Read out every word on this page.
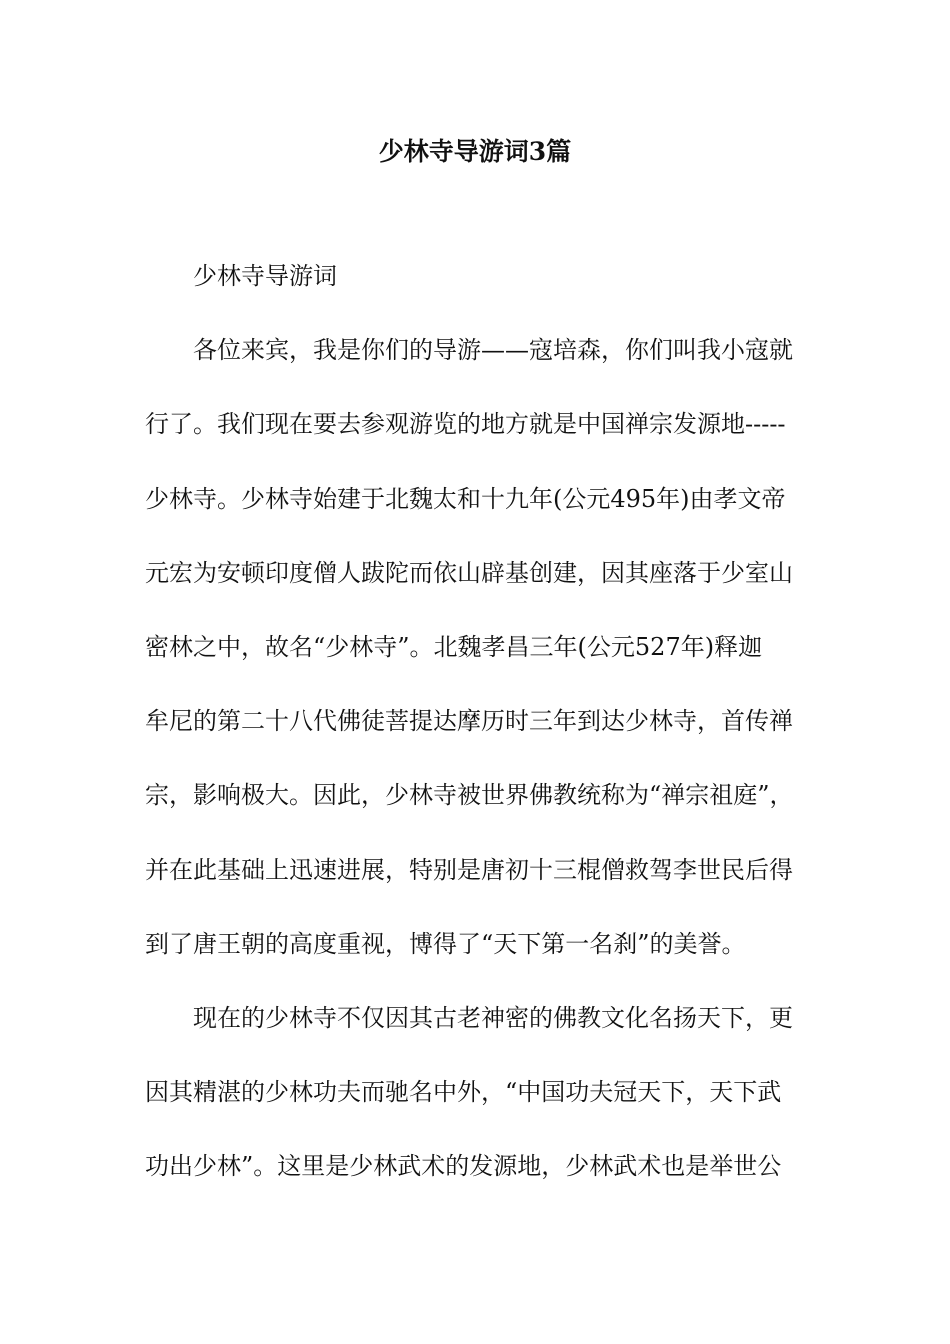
少林寺导游词3篇
少林寺导游词
各位来宾，我是你们的导游——寇培森，你们叫我小寇就
行了。我们现在要去参观游览的地方就是中国禅宗发源地-----
少林寺。少林寺始建于北魏太和十九年(公元495年)由孝文帝
元宏为安顿印度僧人跋陀而依山辟基创建，因其座落于少室山
密林之中，故名“少林寺”。北魏孝昌三年(公元527年)释迦
牟尼的第二十八代佛徒菩提达摩历时三年到达少林寺，首传禅
宗，影响极大。因此，少林寺被世界佛教统称为“禅宗祖庭”，
并在此基础上迅速进展，特别是唐初十三棍僧救驾李世民后得
到了唐王朝的高度重视，博得了“天下第一名刹”的美誉。
现在的少林寺不仅因其古老神密的佛教文化名扬天下，更
因其精湛的少林功夫而驰名中外，“中国功夫冠天下，天下武
功出少林”。这里是少林武术的发源地，少林武术也是举世公
